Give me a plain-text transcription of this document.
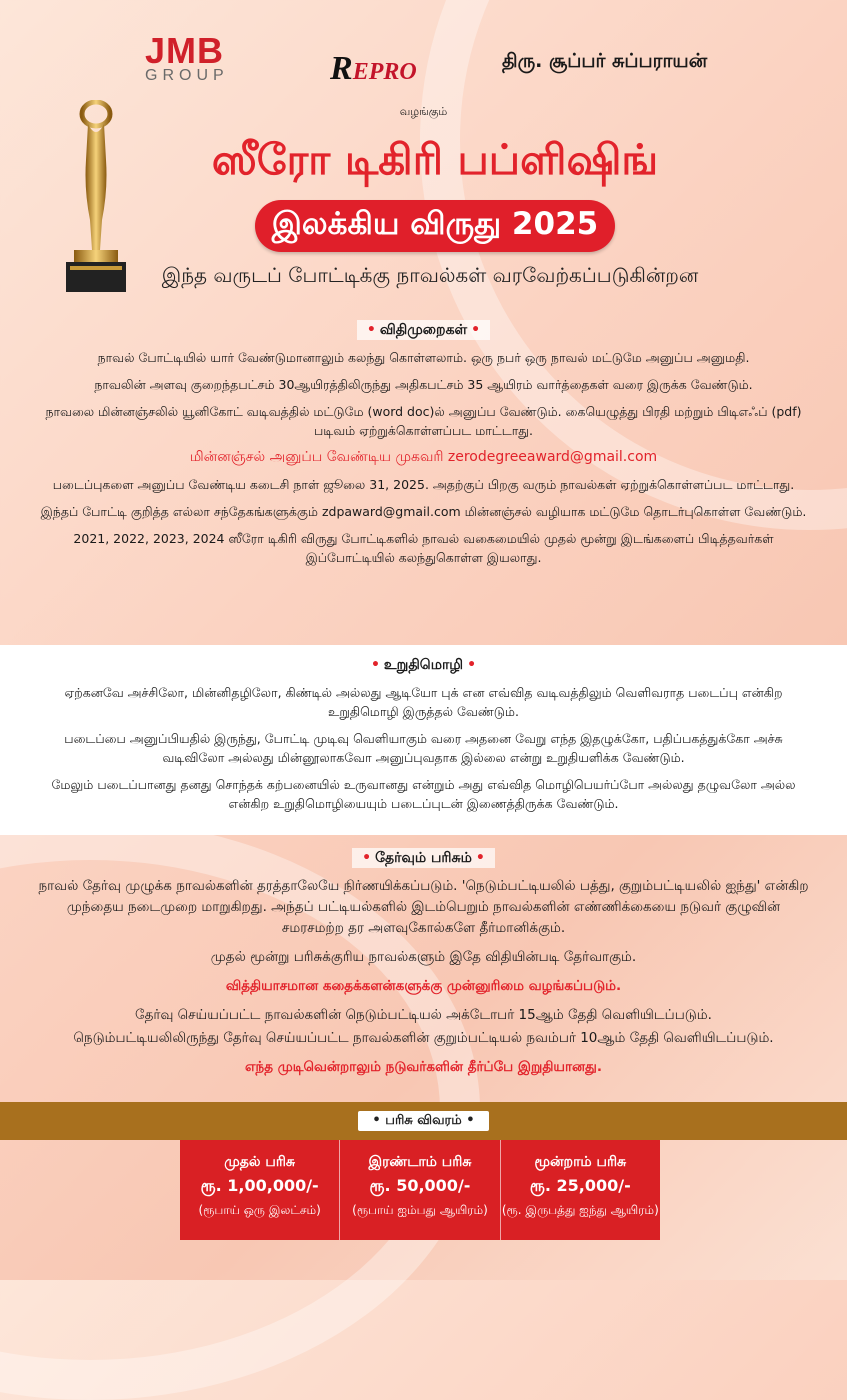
JMB
GROUP	REPRO	திரு. சூப்பர் சுப்பராயன்
வழங்கும்
ஸீரோ டிகிரி பப்ளிஷிங்
இலக்கிய விருது 2025
இந்த வருடப் போட்டிக்கு நாவல்கள் வரவேற்கப்படுகின்றன
• விதிமுறைகள் •

நாவல் போட்டியில் யார் வேண்டுமானாலும் கலந்து கொள்ளலாம். ஒரு நபர் ஒரு நாவல் மட்டுமே அனுப்ப அனுமதி.

நாவலின் அளவு குறைந்தபட்சம் 30ஆயிரத்திலிருந்து அதிகபட்சம் 35 ஆயிரம் வார்த்தைகள் வரை இருக்க வேண்டும்.

நாவலை மின்னஞ்சலில் யூனிகோட் வடிவத்தில் மட்டுமே (word doc)ல் அனுப்ப வேண்டும். கையெழுத்து பிரதி மற்றும் பிடிஎஃப் (pdf) படிவம் ஏற்றுக்கொள்ளப்பட மாட்டாது.

மின்னஞ்சல் அனுப்ப வேண்டிய முகவரி zerodegreeaward@gmail.com

படைப்புகளை அனுப்ப வேண்டிய கடைசி நாள் ஜூலை 31, 2025. அதற்குப் பிறகு வரும் நாவல்கள் ஏற்றுக்கொள்ளப்பட மாட்டாது.

இந்தப் போட்டி குறித்த எல்லா சந்தேகங்களுக்கும் zdpaward@gmail.com மின்னஞ்சல் வழியாக மட்டுமே தொடர்புகொள்ள வேண்டும்.

2021, 2022, 2023, 2024 ஸீரோ டிகிரி விருது போட்டிகளில் நாவல் வகைமையில் முதல் மூன்று இடங்களைப் பிடித்தவர்கள் இப்போட்டியில் கலந்துகொள்ள இயலாது.

• உறுதிமொழி •

ஏற்கனவே அச்சிலோ, மின்னிதழிலோ, கிண்டில் அல்லது ஆடியோ புக் என எவ்வித வடிவத்திலும் வெளிவராத படைப்பு என்கிற உறுதிமொழி இருத்தல் வேண்டும்.

படைப்பை அனுப்பியதில் இருந்து, போட்டி முடிவு வெளியாகும் வரை அதனை வேறு எந்த இதழுக்கோ, பதிப்பகத்துக்கோ அச்சு வடிவிலோ அல்லது மின்னூலாகவோ அனுப்புவதாக இல்லை என்று உறுதியளிக்க வேண்டும்.

மேலும் படைப்பானது தனது சொந்தக் கற்பனையில் உருவானது என்றும் அது எவ்வித மொழிபெயர்ப்போ அல்லது தழுவலோ அல்ல என்கிற உறுதிமொழியையும் படைப்புடன் இணைத்திருக்க வேண்டும்.

• தேர்வும் பரிசும் •

நாவல் தேர்வு முழுக்க நாவல்களின் தரத்தாலேயே நிர்ணயிக்கப்படும். 'நெடும்பட்டியலில் பத்து, குறும்பட்டியலில் ஐந்து' என்கிற முந்தைய நடைமுறை மாறுகிறது. அந்தப் பட்டியல்களில் இடம்பெறும் நாவல்களின் எண்ணிக்கையை நடுவர் குழுவின் சமரசமற்ற தர அளவுகோல்களே தீர்மானிக்கும்.

முதல் மூன்று பரிசுக்குரிய நாவல்களும் இதே விதியின்படி தேர்வாகும்.

வித்தியாசமான கதைக்களன்களுக்கு முன்னுரிமை வழங்கப்படும்.

தேர்வு செய்யப்பட்ட நாவல்களின் நெடும்பட்டியல் அக்டோபர் 15ஆம் தேதி வெளியிடப்படும்.

நெடும்பட்டியலிலிருந்து தேர்வு செய்யப்பட்ட நாவல்களின் குறும்பட்டியல் நவம்பர் 10ஆம் தேதி வெளியிடப்படும்.

எந்த முடிவென்றாலும் நடுவர்களின் தீர்ப்பே இறுதியானது.

• பரிசு விவரம் •
முதல் பரிசு
ரூ. 1,00,000/-
(ரூபாய் ஒரு இலட்சம்)
இரண்டாம் பரிசு
ரூ. 50,000/-
(ரூபாய் ஐம்பது ஆயிரம்)
மூன்றாம் பரிசு
ரூ. 25,000/-
(ரூ. இருபத்து ஐந்து ஆயிரம்)
